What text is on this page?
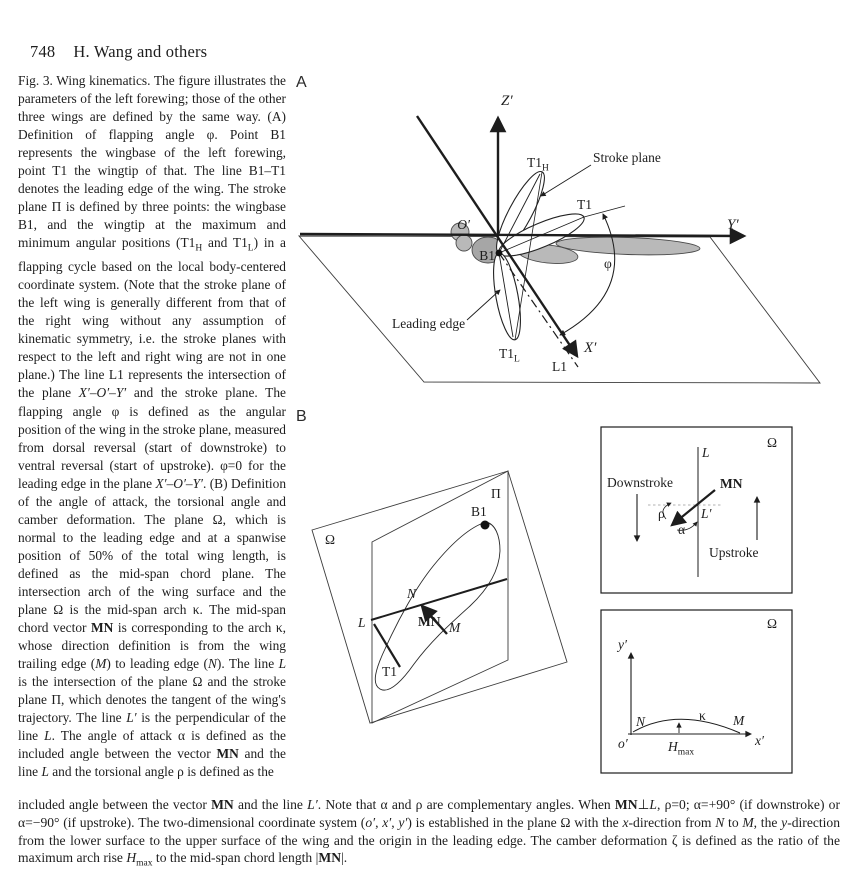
748 H. Wang and others
Fig. 3. Wing kinematics. The figure illustrates the parameters of the left forewing; those of the other three wings are defined by the same way. (A) Definition of flapping angle φ. Point B1 represents the wingbase of the left forewing, point T1 the wingtip of that. The line B1–T1 denotes the leading edge of the wing. The stroke plane Π is defined by three points: the wingbase B1, and the wingtip at the maximum and minimum angular positions ($T1_H$ and $T1_L$) in a flapping cycle based on the local body-centered coordinate system. (Note that the stroke plane of the left wing is generally different from that of the right wing without any assumption of kinematic symmetry, i.e. the stroke planes with respect to the left and right wing are not in one plane.) The line L1 represents the intersection of the plane X′–O′–Y′ and the stroke plane. The flapping angle φ is defined as the angular position of the wing in the stroke plane, measured from dorsal reversal (start of downstroke) to ventral reversal (start of upstroke). φ=0 for the leading edge in the plane X′–O′–Y′. (B) Definition of the angle of attack, the torsional angle and camber deformation. The plane Ω, which is normal to the leading edge and at a spanwise position of 50% of the total wing length, is defined as the mid-span chord plane. The intersection arch of the wing surface and the plane Ω is the mid-span arch κ. The mid-span chord vector MN is corresponding to the arch κ, whose direction definition is from the wing trailing edge (M) to leading edge (N). The line L is the intersection of the plane Ω and the stroke plane Π, which denotes the tangent of the wing's trajectory. The line L′ is the perpendicular of the line L. The angle of attack α is defined as the included angle between the vector MN and the line L and the torsional angle ρ is defined as the
A
Z′
Y′
X′
O′
Stroke plane
Leading edge
$T1_H$
T1
$T1_L$
B1
L1
φ
B
Ω
Π
B1
N
MN M
L
T1
Ω
L
L′
MN
ρ
α
Downstroke
Upstroke
Ω
y′
x′
o′
N	M
κ
$H_{max}$
included angle between the vector MN and the line L′. Note that α and ρ are complementary angles. When MN⊥L, ρ=0; α=+90° (if downstroke) or α=−90° (if upstroke). The two-dimensional coordinate system (o′, x′, y′) is established in the plane Ω with the x-direction from N to M, the y-direction from the lower surface to the upper surface of the wing and the origin in the leading edge. The camber deformation ζ is defined as the ratio of the maximum arch rise $H_{max}$ to the mid-span chord length |MN|.
